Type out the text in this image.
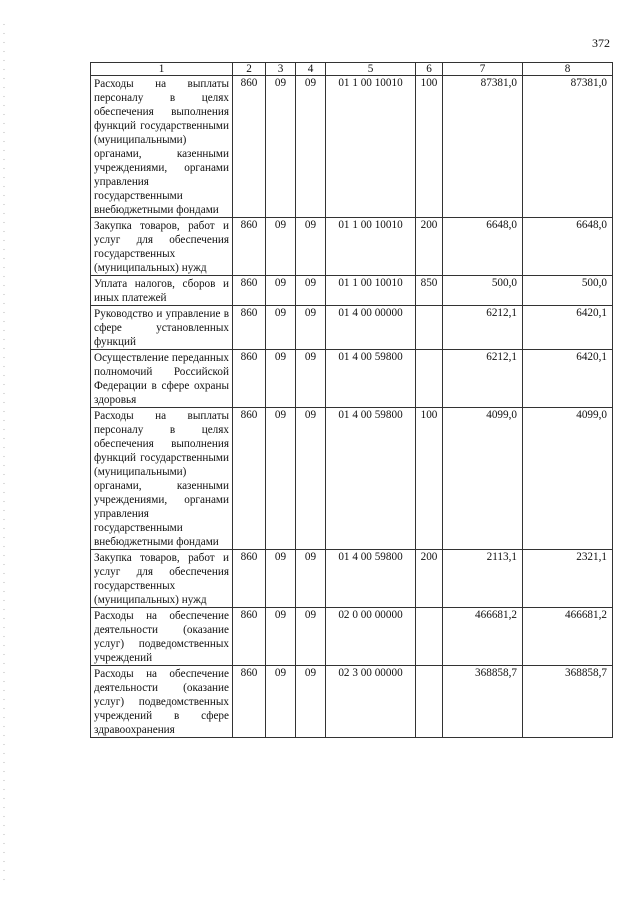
372
1	2	3	4	5	6	7	8
Расходы на выплаты персоналу в целях обеспечения выполнения функций государственными (муниципальными) органами, казенными учреждениями, органами управления государственными внебюджетными фондами	860	09	09	01 1 00 10010	100	87381,0	87381,0
Закупка товаров, работ и услуг для обеспечения государственных (муниципальных) нужд	860	09	09	01 1 00 10010	200	6648,0	6648,0
Уплата налогов, сборов и иных платежей	860	09	09	01 1 00 10010	850	500,0	500,0
Руководство и управление в сфере установленных функций	860	09	09	01 4 00 00000		6212,1	6420,1
Осуществление переданных полномочий Российской Федерации в сфере охраны здоровья	860	09	09	01 4 00 59800		6212,1	6420,1
Расходы на выплаты персоналу в целях обеспечения выполнения функций государственными (муниципальными) органами, казенными учреждениями, органами управления государственными внебюджетными фондами	860	09	09	01 4 00 59800	100	4099,0	4099,0
Закупка товаров, работ и услуг для обеспечения государственных (муниципальных) нужд	860	09	09	01 4 00 59800	200	2113,1	2321,1
Расходы на обеспечение деятельности (оказание услуг) подведомственных учреждений	860	09	09	02 0 00 00000		466681,2	466681,2
Расходы на обеспечение деятельности (оказание услуг) подведомственных учреждений в сфере здравоохранения	860	09	09	02 3 00 00000		368858,7	368858,7
